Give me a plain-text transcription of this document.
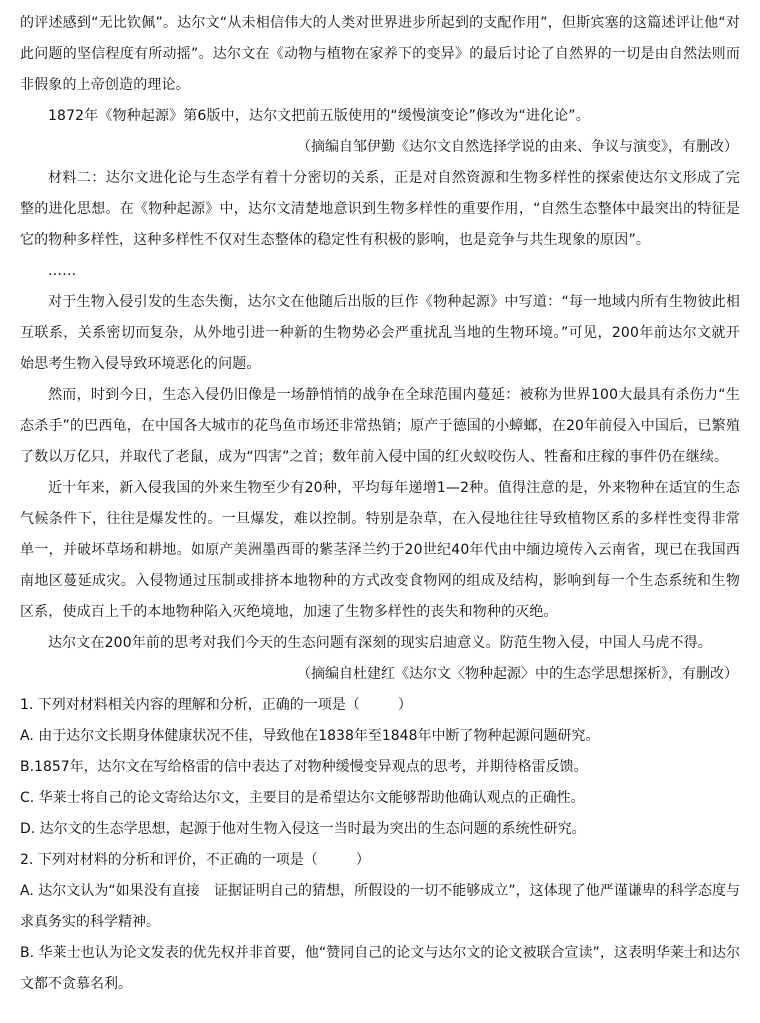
的评述感到“无比钦佩”。达尔文“从未相信伟大的人类对世界进步所起到的支配作用”，但斯宾塞的这篇述评让他“对此问题的坚信程度有所动摇”。达尔文在《动物与植物在家养下的变异》的最后讨论了自然界的一切是由自然法则而非假象的上帝创造的理论。

1872年《物种起源》第6版中，达尔文把前五版使用的“缓慢演变论”修改为“进化论”。

（摘编自邹伊勤《达尔文自然选择学说的由来、争议与演变》，有删改）

材料二：达尔文进化论与生态学有着十分密切的关系，正是对自然资源和生物多样性的探索使达尔文形成了完整的进化思想。在《物种起源》中，达尔文清楚地意识到生物多样性的重要作用，“自然生态整体中最突出的特征是它的物种多样性，这种多样性不仅对生态整体的稳定性有积极的影响，也是竞争与共生现象的原因”。

……

对于生物入侵引发的生态失衡，达尔文在他随后出版的巨作《物种起源》中写道：“每一地域内所有生物彼此相互联系，关系密切而复杂，从外地引进一种新的生物势必会严重扰乱当地的生物环境。”可见，200年前达尔文就开始思考生物入侵导致环境恶化的问题。

然而，时到今日，生态入侵仍旧像是一场静悄悄的战争在全球范围内蔓延：被称为世界100大最具有杀伤力“生态杀手”的巴西龟，在中国各大城市的花鸟鱼市场还非常热销；原产于德国的小蟑螂，在20年前侵入中国后，已繁殖了数以万亿只，并取代了老鼠，成为“四害”之首；数年前入侵中国的红火蚁咬伤人、牲畜和庄稼的事件仍在继续。

近十年来，新入侵我国的外来生物至少有20种，平均每年递增1—2种。值得注意的是，外来物种在适宜的生态气候条件下，往往是爆发性的。一旦爆发，难以控制。特别是杂草，在入侵地往往导致植物区系的多样性变得非常单一，并破坏草场和耕地。如原产美洲墨西哥的紫茎泽兰约于20世纪40年代由中缅边境传入云南省，现已在我国西南地区蔓延成灾。入侵物通过压制或排挤本地物种的方式改变食物网的组成及结构，影响到每一个生态系统和生物区系，使成百上千的本地物种陷入灭绝境地，加速了生物多样性的丧失和物种的灭绝。

达尔文在200年前的思考对我们今天的生态问题有深刻的现实启迪意义。防范生物入侵，中国人马虎不得。

（摘编自杜建红《达尔文〈物种起源〉中的生态学思想探析》，有删改）

1. 下列对材料相关内容的理解和分析，正确的一项是（	）

A. 由于达尔文长期身体健康状况不佳，导致他在1838年至1848年中断了物种起源问题研究。

B.1857年，达尔文在写给格雷的信中表达了对物种缓慢变异观点的思考，并期待格雷反馈。

C. 华莱士将自己的论文寄给达尔文，主要目的是希望达尔文能够帮助他确认观点的正确性。

D. 达尔文的生态学思想，起源于他对生物入侵这一当时最为突出的生态问题的系统性研究。

2. 下列对材料的分析和评价，不正确的一项是（	）

A. 达尔文认为“如果没有直接　证据证明自己的猜想，所假设的一切不能够成立”，这体现了他严谨谦卑的科学态度与求真务实的科学精神。

B. 华莱士也认为论文发表的优先权并非首要，他“赞同自己的论文与达尔文的论文被联合宣读”，这表明华莱士和达尔文都不贪慕名利。
